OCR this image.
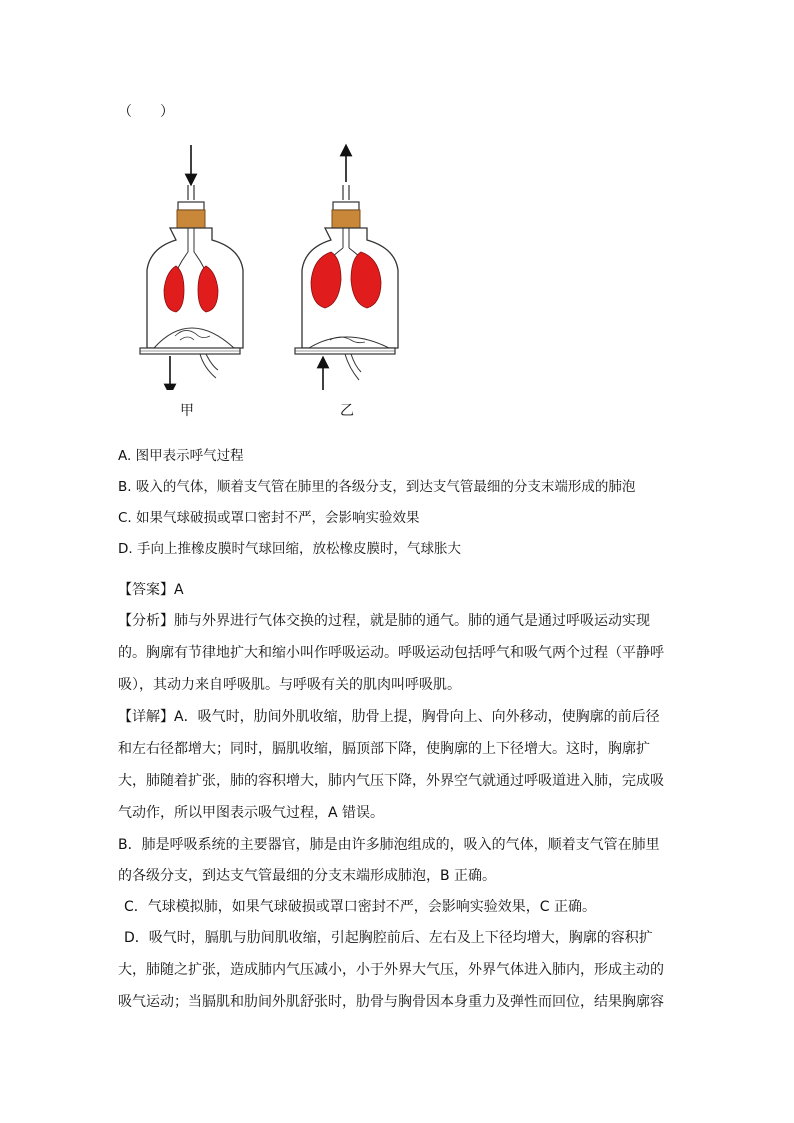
（　　）
甲	乙
A. 图甲表示呼气过程
B. 吸入的气体，顺着支气管在肺里的各级分支，到达支气管最细的分支末端形成的肺泡
C. 如果气球破损或罩口密封不严，会影响实验效果
D. 手向上推橡皮膜时气球回缩，放松橡皮膜时，气球胀大
【答案】A
【分析】肺与外界进行气体交换的过程，就是肺的通气。肺的通气是通过呼吸运动实现
的。胸廓有节律地扩大和缩小叫作呼吸运动。呼吸运动包括呼气和吸气两个过程（平静呼
吸），其动力来自呼吸肌。与呼吸有关的肌肉叫呼吸肌。
【详解】A．吸气时，肋间外肌收缩，肋骨上提，胸骨向上、向外移动，使胸廓的前后径
和左右径都增大；同时，膈肌收缩，膈顶部下降，使胸廓的上下径增大。这时，胸廓扩
大，肺随着扩张，肺的容积增大，肺内气压下降，外界空气就通过呼吸道进入肺，完成吸
气动作，所以甲图表示吸气过程，A 错误。
B．肺是呼吸系统的主要器官，肺是由许多肺泡组成的，吸入的气体，顺着支气管在肺里
的各级分支，到达支气管最细的分支末端形成肺泡，B 正确。
C．气球模拟肺，如果气球破损或罩口密封不严，会影响实验效果，C 正确。
D．吸气时，膈肌与肋间肌收缩，引起胸腔前后、左右及上下径均增大，胸廓的容积扩
大，肺随之扩张，造成肺内气压减小，小于外界大气压，外界气体进入肺内，形成主动的
吸气运动；当膈肌和肋间外肌舒张时，肋骨与胸骨因本身重力及弹性而回位，结果胸廓容
